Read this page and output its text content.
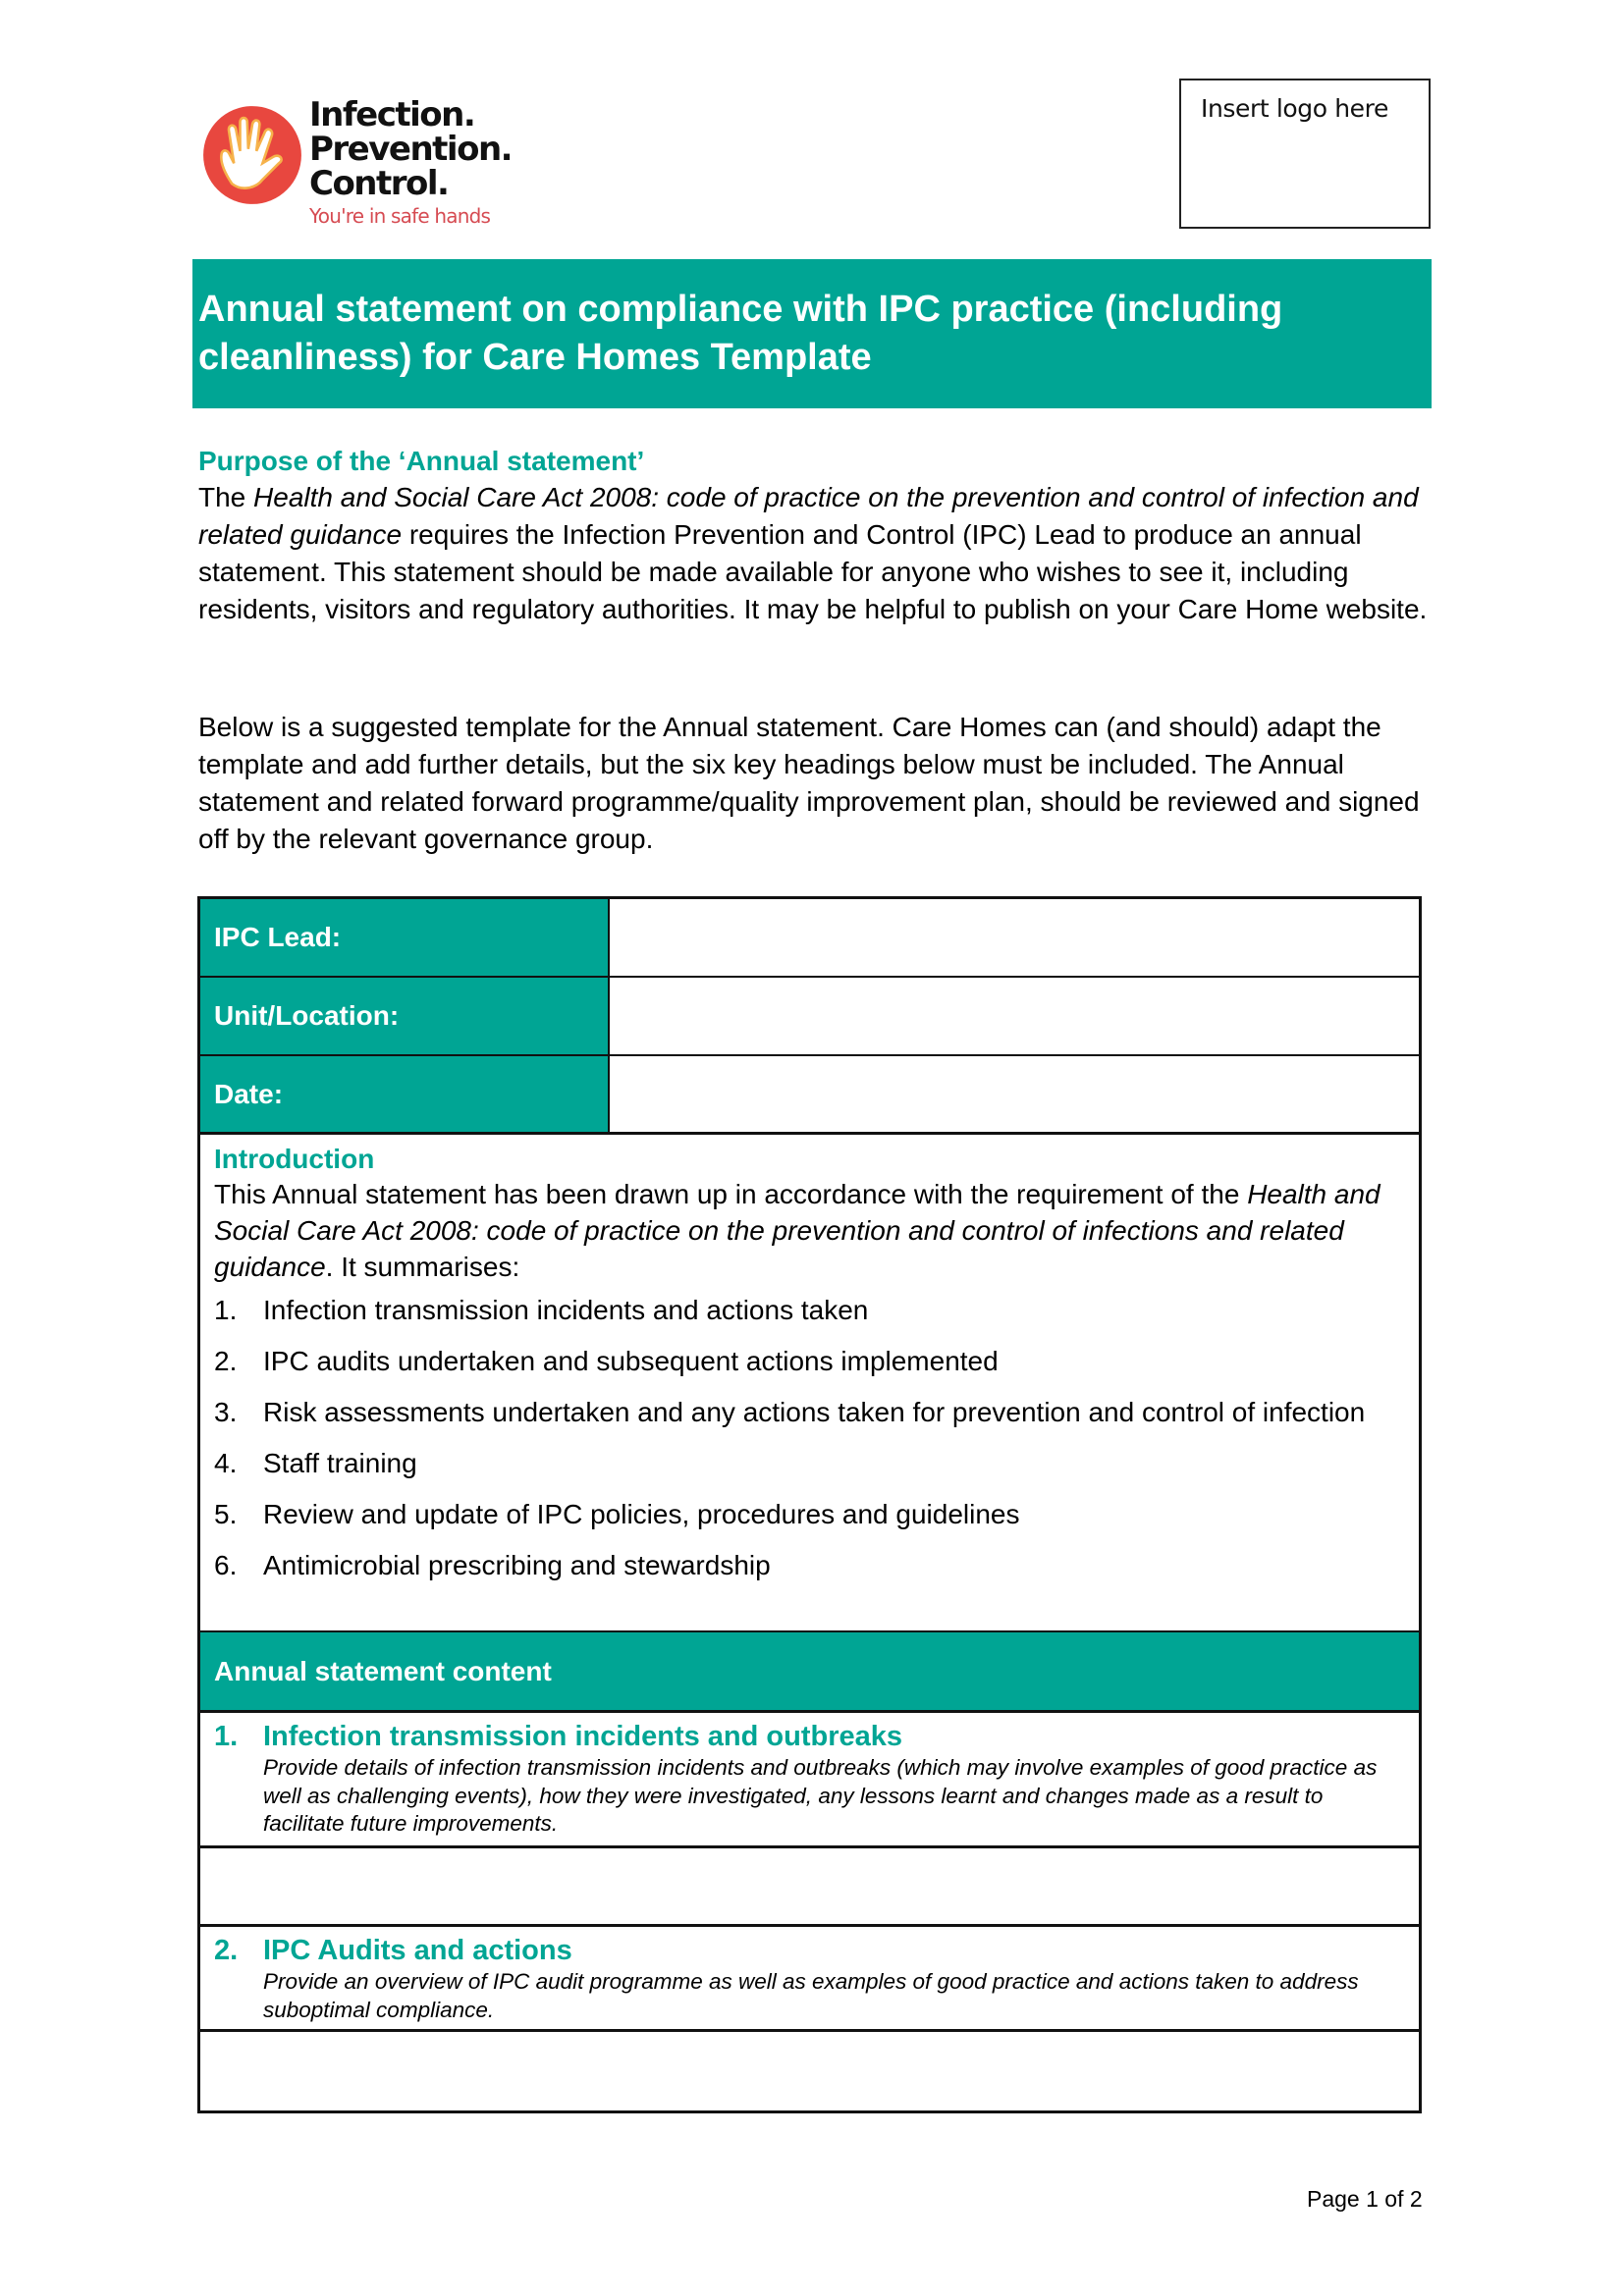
Infection.
Prevention.
Control.
You're in safe hands
Insert logo here
Annual statement on compliance with IPC practice (including cleanliness) for Care Homes Template
Purpose of the ‘Annual statement’

The Health and Social Care Act 2008: code of practice on the prevention and control of infection and related guidance requires the Infection Prevention and Control (IPC) Lead to produce an annual statement. This statement should be made available for anyone who wishes to see it, including residents, visitors and regulatory authorities. It may be helpful to publish on your Care Home website.

Below is a suggested template for the Annual statement. Care Homes can (and should) adapt the template and add further details, but the six key headings below must be included. The Annual statement and related forward programme/quality improvement plan, should be reviewed and signed off by the relevant governance group.

IPC Lead:
Unit/Location:
Date:
Introduction

This Annual statement has been drawn up in accordance with the requirement of the Health and Social Care Act 2008: code of practice on the prevention and control of infections and related guidance. It summarises:

1. Infection transmission incidents and actions taken
2. IPC audits undertaken and subsequent actions implemented
3. Risk assessments undertaken and any actions taken for prevention and control of infection
4. Staff training
5. Review and update of IPC policies, procedures and guidelines
6. Antimicrobial prescribing and stewardship
Annual statement content
1. Infection transmission incidents and outbreaks
Provide details of infection transmission incidents and outbreaks (which may involve examples of good practice as well as challenging events), how they were investigated, any lessons learnt and changes made as a result to facilitate future improvements.
2. IPC Audits and actions
Provide an overview of IPC audit programme as well as examples of good practice and actions taken to address suboptimal compliance.
Page 1 of 2
